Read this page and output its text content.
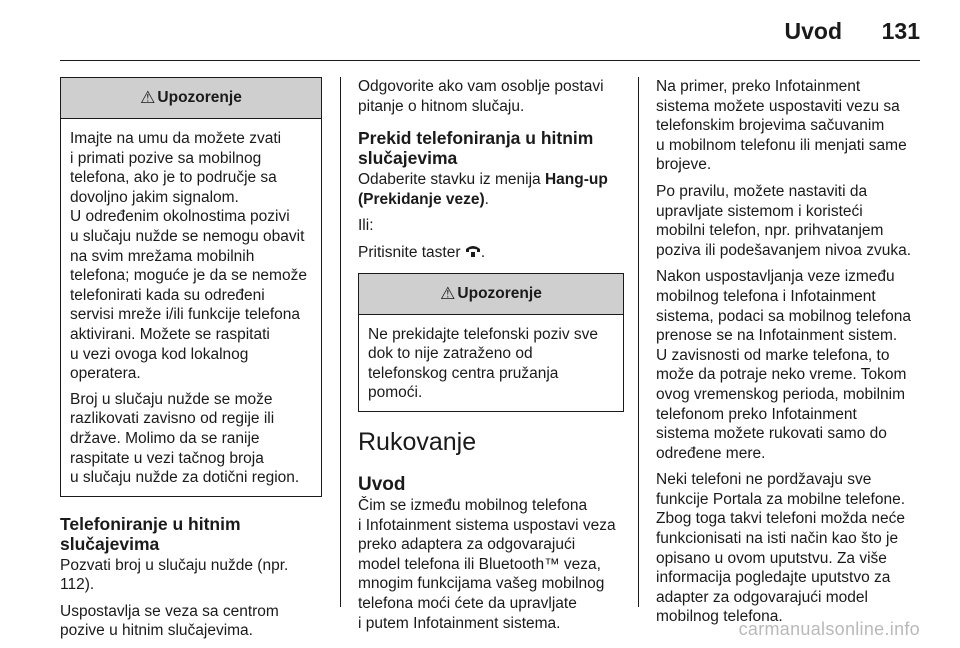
Uvod 131
⚠ Upozorenje

Imajte na umu da možete zvati
i primati pozive sa mobilnog
telefona, ako je to područje sa
dovoljno jakim signalom.
U određenim okolnostima pozivi
u slučaju nužde se nemogu obavit
na svim mrežama mobilnih
telefona; moguće je da se nemože
telefonirati kada su određeni
servisi mreže i/ili funkcije telefona
aktivirani. Možete se raspitati
u vezi ovoga kod lokalnog
operatera.

Broj u slučaju nužde se može
razlikovati zavisno od regije ili
države. Molimo da se ranije
raspitate u vezi tačnog broja
u slučaju nužde za dotični region.

Telefoniranje u hitnim
slučajevima

Pozvati broj u slučaju nužde (npr.
112).

Uspostavlja se veza sa centrom
pozive u hitnim slučajevima.

Odgovorite ako vam osoblje postavi
pitanje o hitnom slučaju.

Prekid telefoniranja u hitnim
slučajevima

Odaberite stavku iz menija Hang-up
(Prekidanje veze).

Ili:

Pritisnite taster .

⚠ Upozorenje

Ne prekidajte telefonski poziv sve
dok to nije zatraženo od
telefonskog centra pružanja
pomoći.

Rukovanje
Uvod

Čim se između mobilnog telefona
i Infotainment sistema uspostavi veza
preko adaptera za odgovarajući
model telefona ili Bluetooth™ veza,
mnogim funkcijama vašeg mobilnog
telefona moći ćete da upravljate
i putem Infotainment sistema.

Na primer, preko Infotainment
sistema možete uspostaviti vezu sa
telefonskim brojevima sačuvanim
u mobilnom telefonu ili menjati same
brojeve.

Po pravilu, možete nastaviti da
upravljate sistemom i koristeći
mobilni telefon, npr. prihvatanjem
poziva ili podešavanjem nivoa zvuka.

Nakon uspostavljanja veze između
mobilnog telefona i Infotainment
sistema, podaci sa mobilnog telefona
prenose se na Infotainment sistem.
U zavisnosti od marke telefona, to
može da potraje neko vreme. Tokom
ovog vremenskog perioda, mobilnim
telefonom preko Infotainment
sistema možete rukovati samo do
određene mere.

Neki telefoni ne pordžavaju sve
funkcije Portala za mobilne telefone.
Zbog toga takvi telefoni možda neće
funkcionisati na isti način kao što je
opisano u ovom uputstvu. Za više
informacija pogledajte uputstvo za
adapter za odgovarajući model
mobilnog telefona.

carmanualsonline.info
